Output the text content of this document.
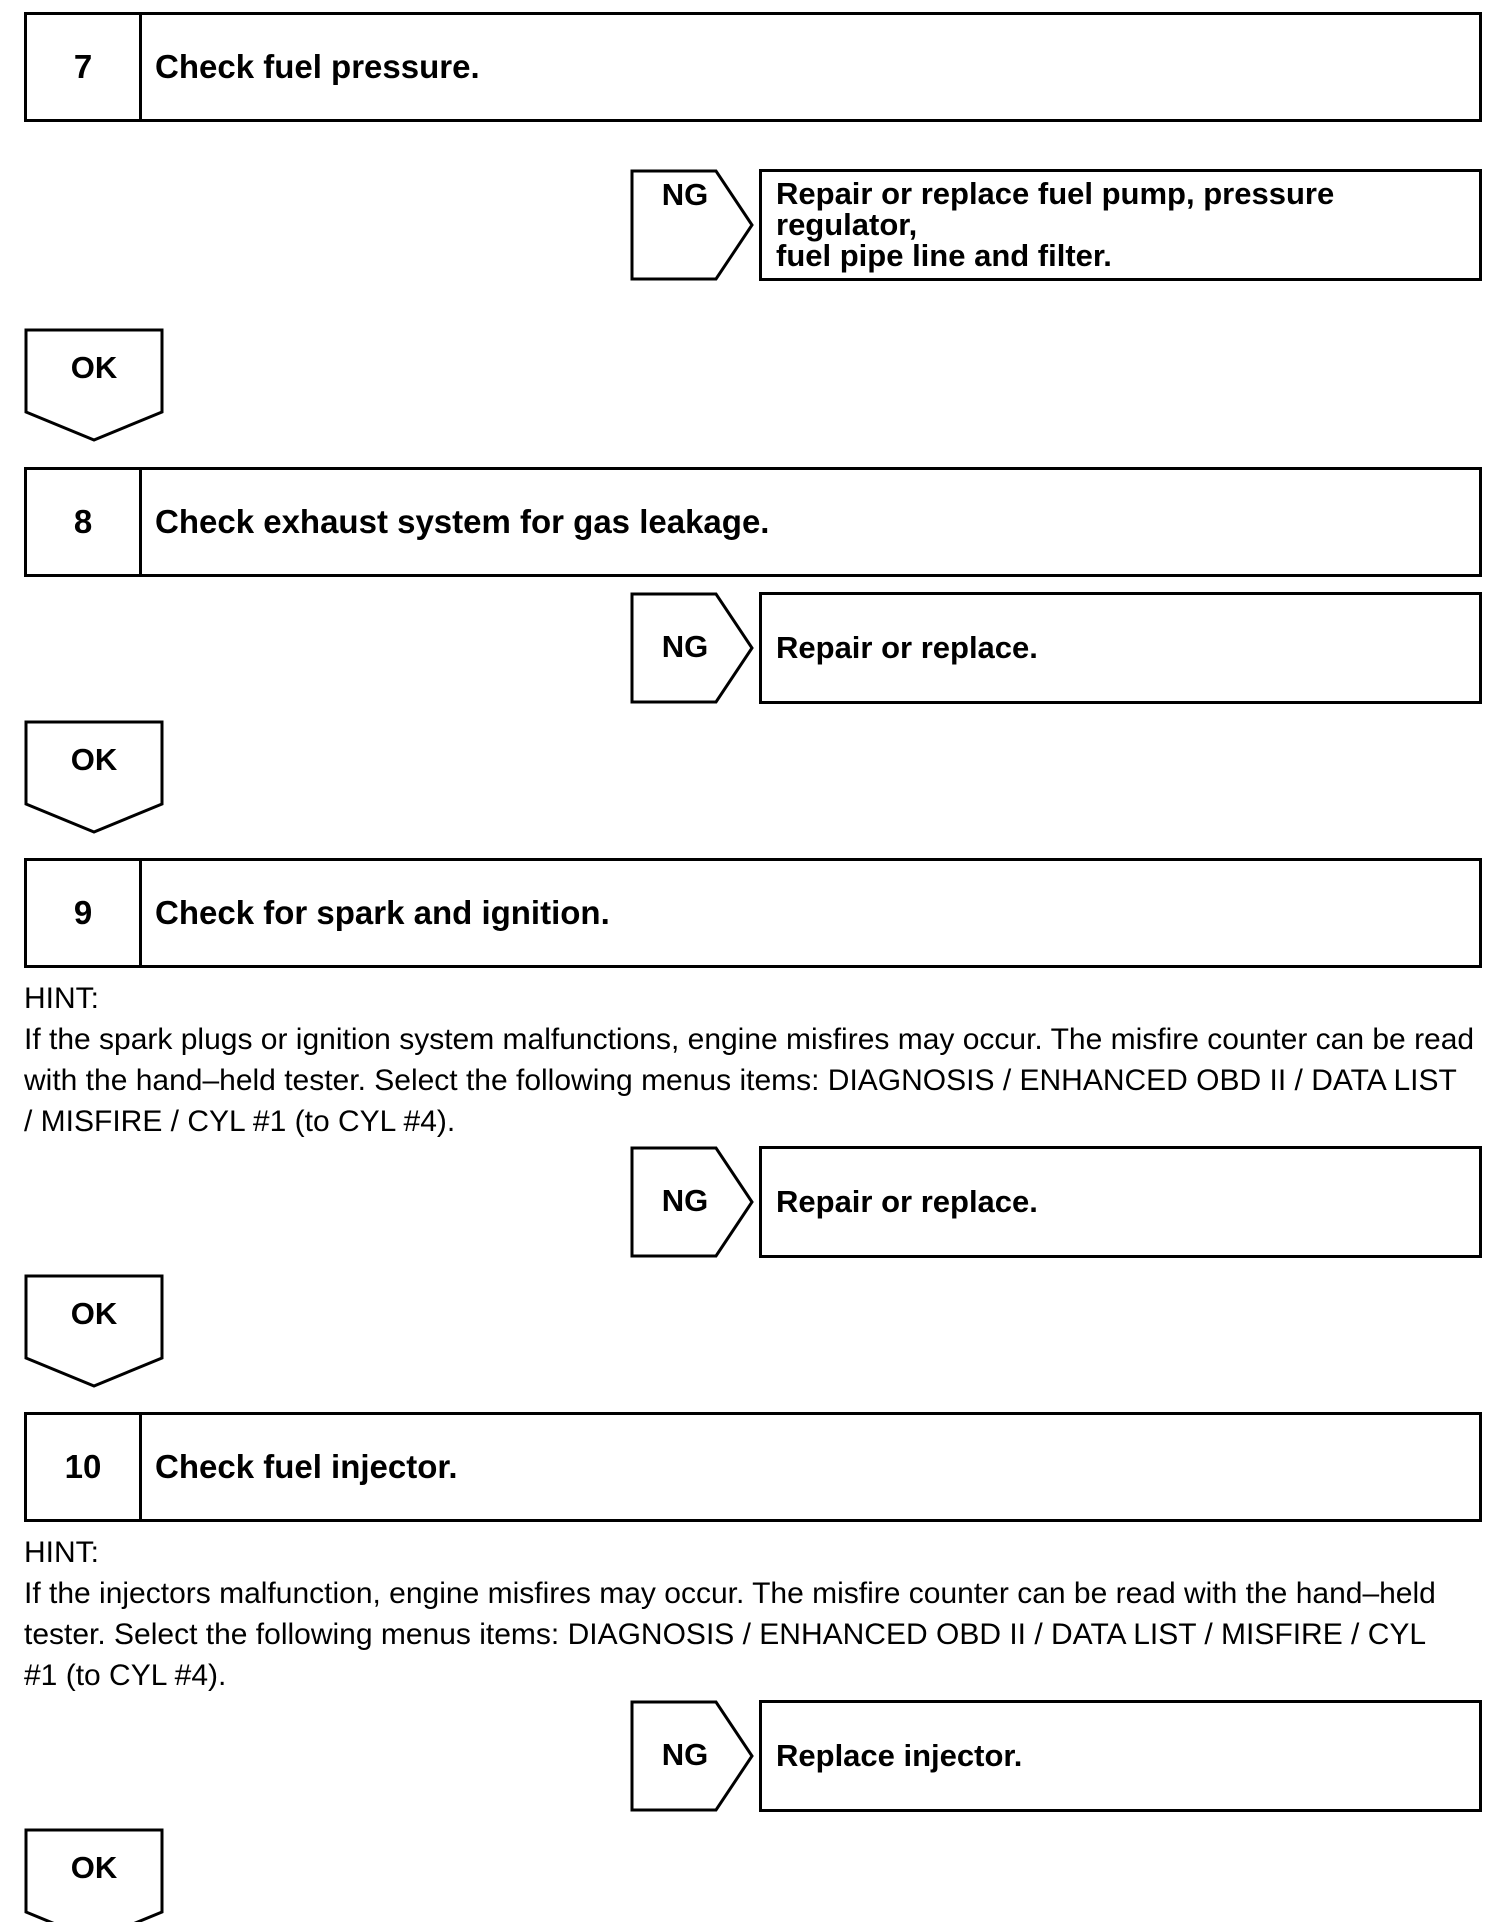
7	Check fuel pressure.
NG	Repair or replace fuel pump, pressure regulator,
fuel pipe line and filter.
OK
8	Check exhaust system for gas leakage.
NG	Repair or replace.
OK
9	Check for spark and ignition.
HINT:
If the spark plugs or ignition system malfunctions, engine misfires may occur. The misfire counter can be read
with the hand–held tester. Select the following menus items: DIAGNOSIS / ENHANCED OBD II / DATA LIST
/ MISFIRE / CYL #1 (to CYL #4).
NG	Repair or replace.
OK
10	Check fuel injector.
HINT:
If the injectors malfunction, engine misfires may occur. The misfire counter can be read with the hand–held
tester. Select the following menus items: DIAGNOSIS / ENHANCED OBD II / DATA LIST / MISFIRE / CYL
#1 (to CYL #4).
NG	Replace injector.
OK
